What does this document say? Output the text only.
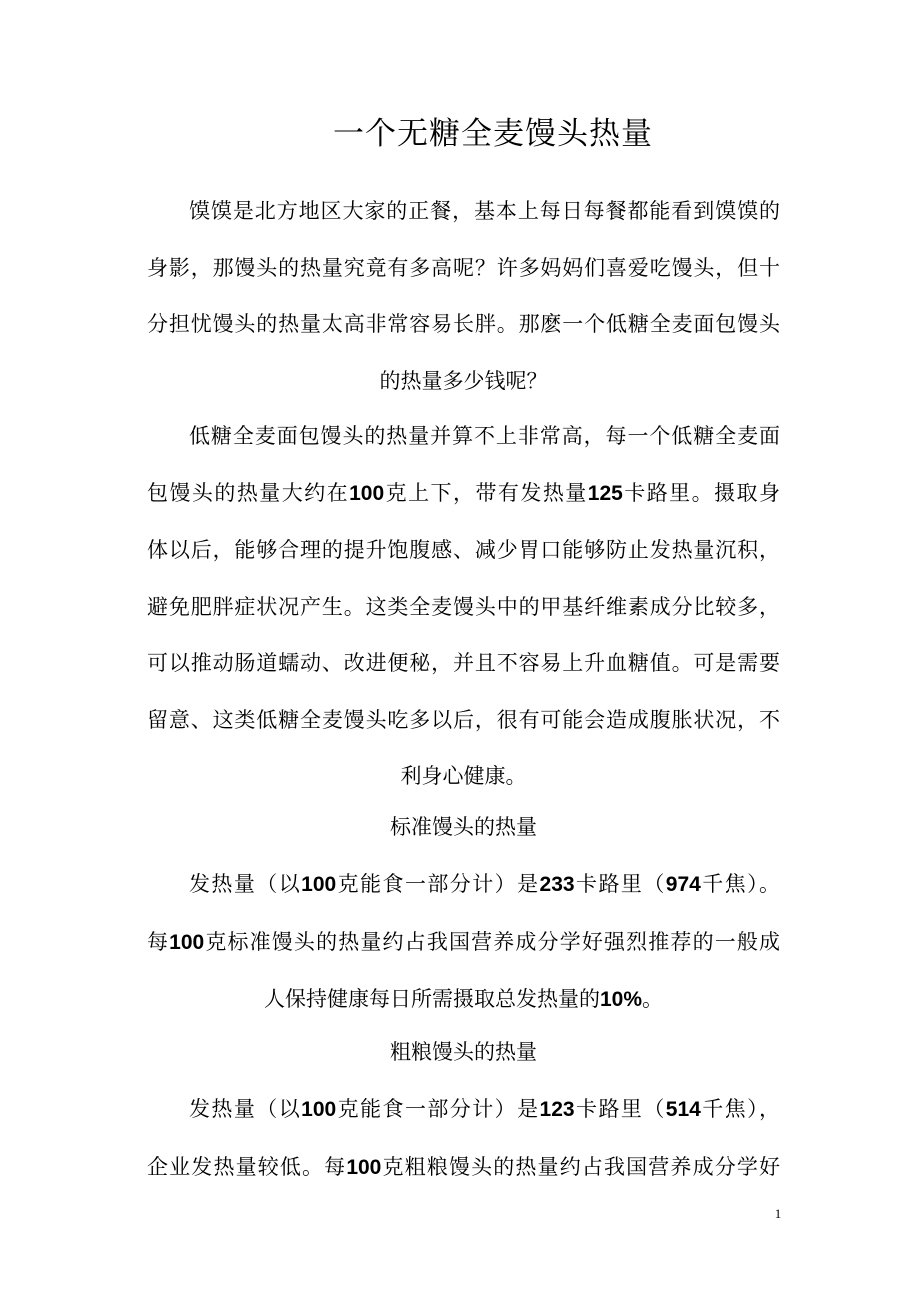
一个无糖全麦馒头热量

馍馍是北方地区大家的正餐，基本上每日每餐都能看到馍馍的
身影，那馒头的热量究竟有多高呢？许多妈妈们喜爱吃馒头，但十
分担忧馒头的热量太高非常容易长胖。那麽一个低糖全麦面包馒头
的热量多少钱呢？

低糖全麦面包馒头的热量并算不上非常高，每一个低糖全麦面
包馒头的热量大约在100克上下，带有发热量125卡路里。摄取身
体以后，能够合理的提升饱腹感、减少胃口能够防止发热量沉积，
避免肥胖症状况产生。这类全麦馒头中的甲基纤维素成分比较多，
可以推动肠道蠕动、改进便秘，并且不容易上升血糖值。可是需要
留意、这类低糖全麦馒头吃多以后，很有可能会造成腹胀状况，不
利身心健康。

标准馒头的热量

发热量（以100克能食一部分计）是233卡路里（974千焦）。
每100克标准馒头的热量约占我国营养成分学好强烈推荐的一般成
人保持健康每日所需摄取总发热量的10%。

粗粮馒头的热量

发热量（以100克能食一部分计）是123卡路里（514千焦），
企业发热量较低。每100克粗粮馒头的热量约占我国营养成分学好

1
